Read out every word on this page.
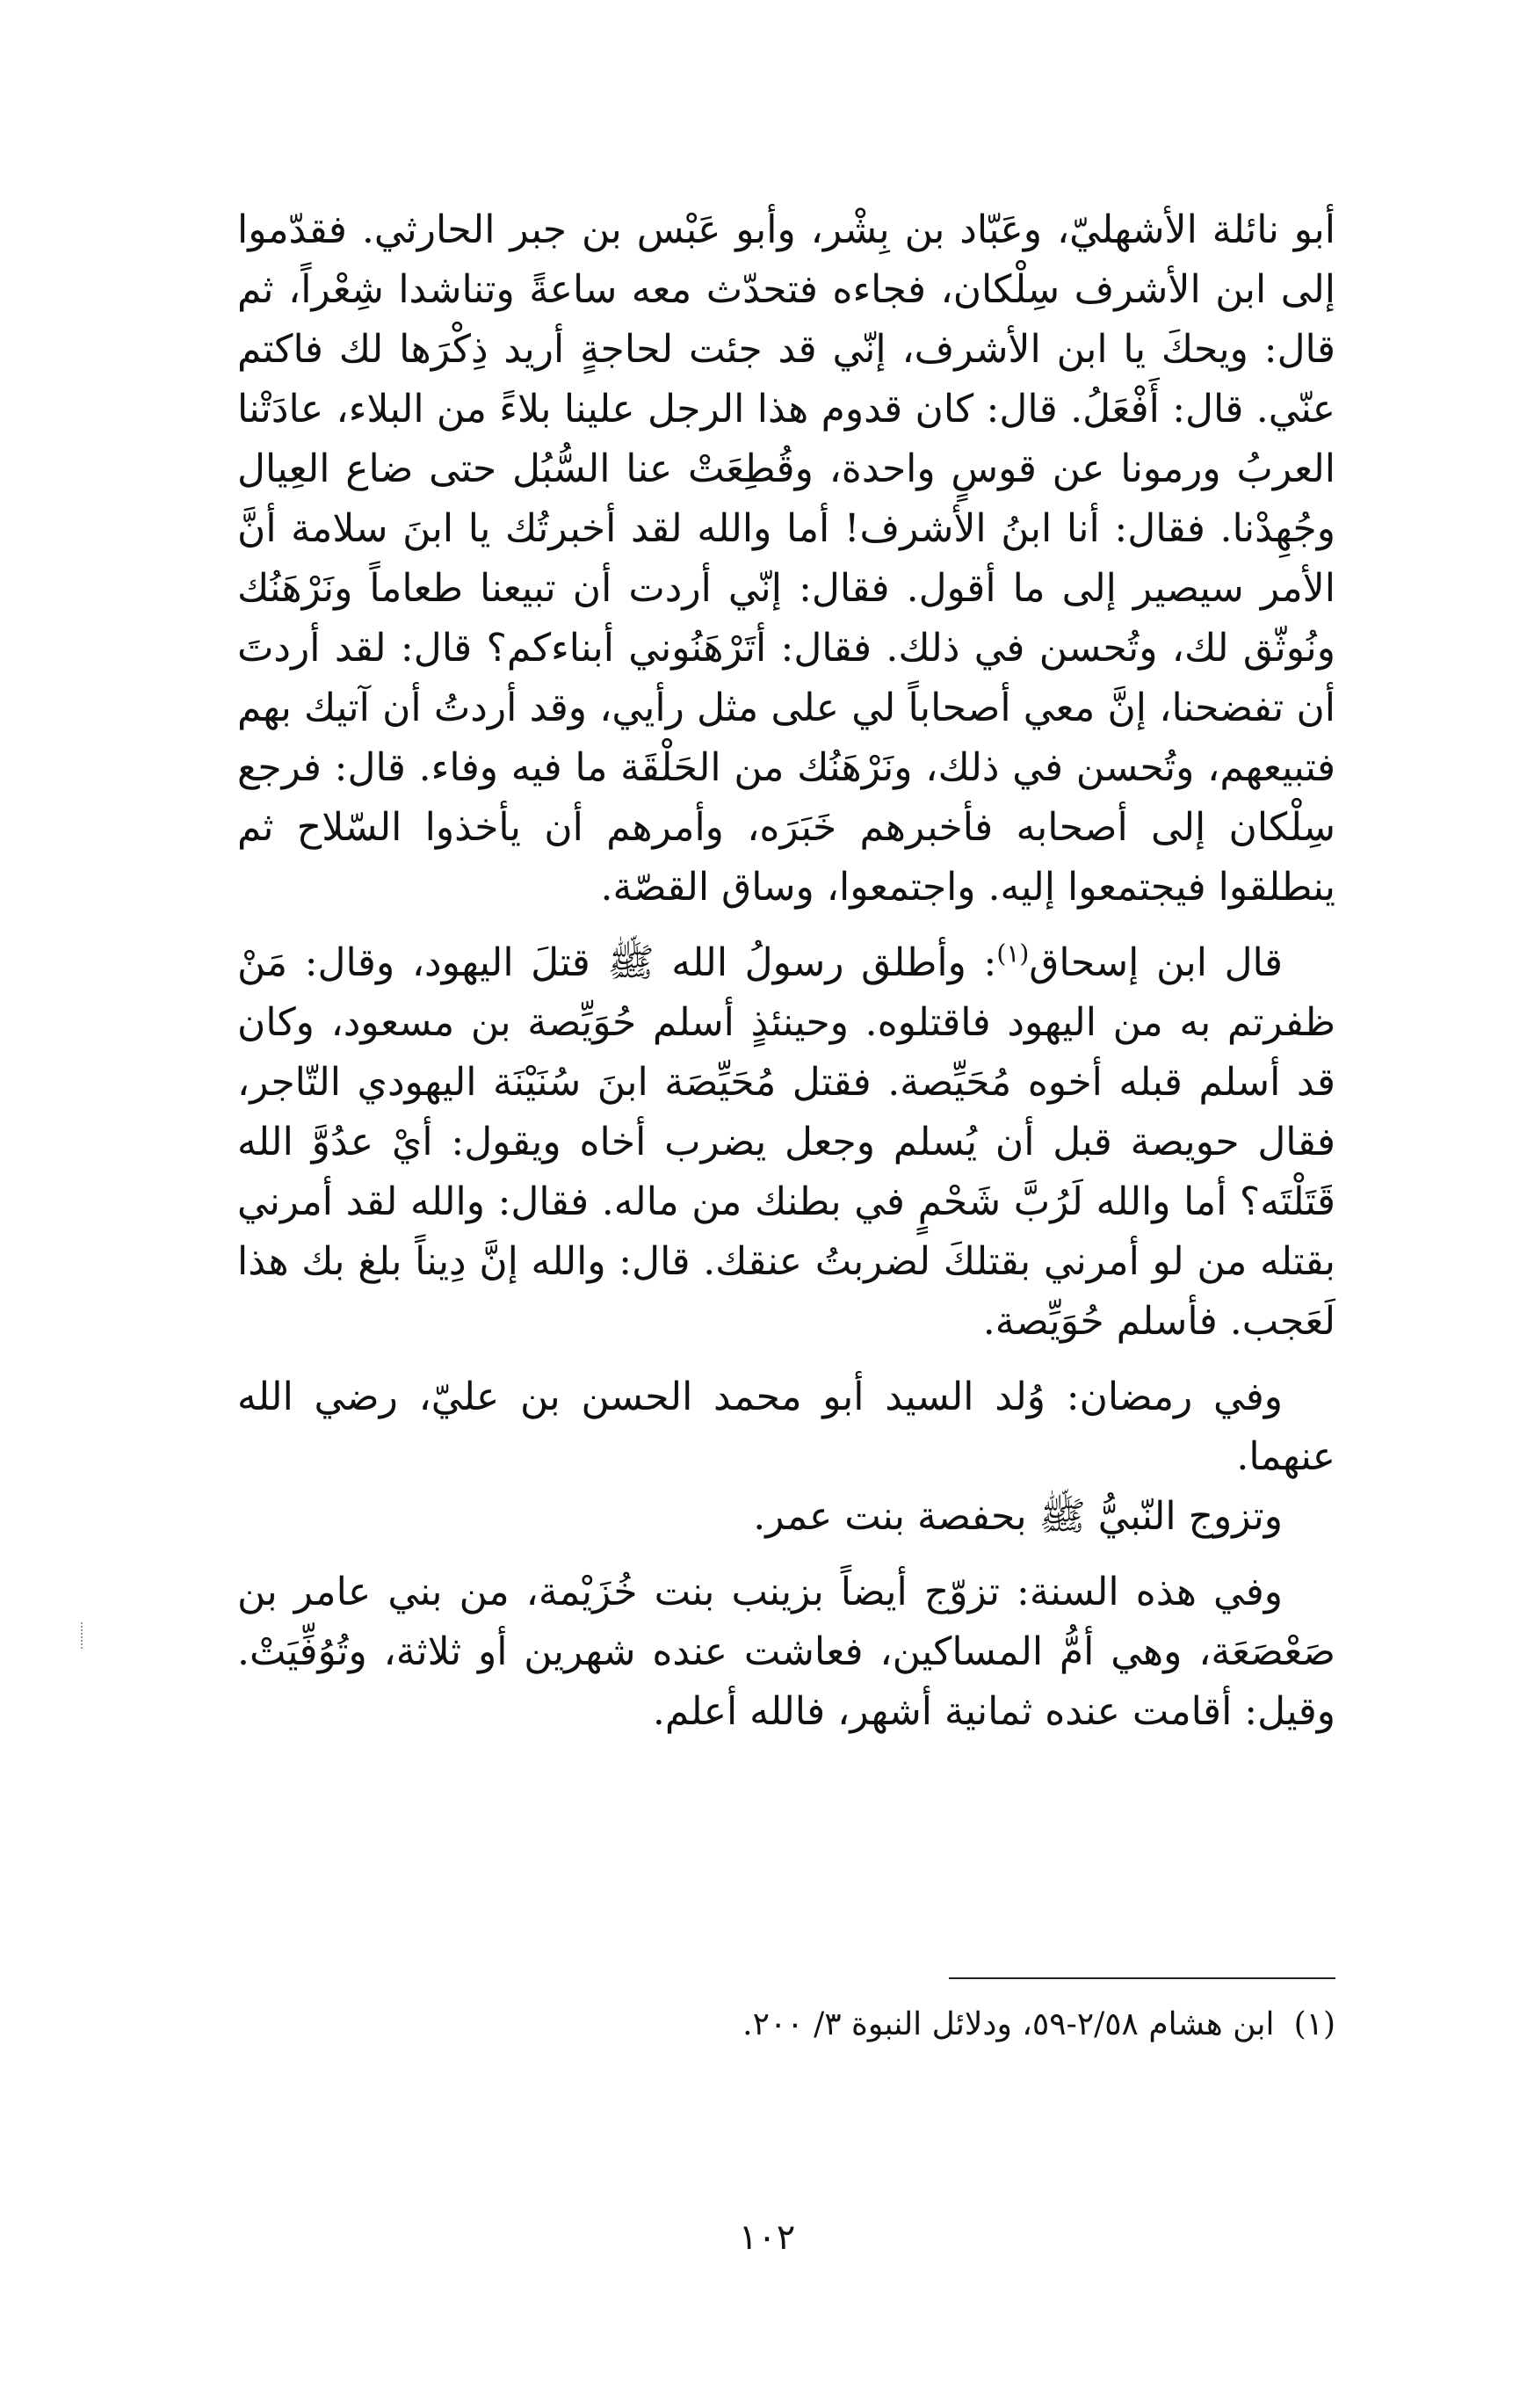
أبو نائلة الأشهليّ، وعَبّاد بن بِشْر، وأبو عَبْس بن جبر الحارثي. فقدّموا إلى ابن الأشرف سِلْكان، فجاءه فتحدّث معه ساعةً وتناشدا شِعْراً، ثم قال: ويحكَ يا ابن الأشرف، إنّي قد جئت لحاجةٍ أريد ذِكْرَها لك فاكتم عنّي. قال: أَفْعَلُ. قال: كان قدوم هذا الرجل علينا بلاءً من البلاء، عادَتْنا العربُ ورمونا عن قوسٍ واحدة، وقُطِعَتْ عنا السُّبُل حتى ضاع العِيال وجُهِدْنا. فقال: أنا ابنُ الأشرف! أما والله لقد أخبرتُك يا ابنَ سلامة أنَّ الأمر سيصير إلى ما أقول. فقال: إنّي أردت أن تبيعنا طعاماً ونَرْهَنُك ونُوثّق لك، وتُحسن في ذلك. فقال: أتَرْهَنُوني أبناءكم؟ قال: لقد أردتَ أن تفضحنا، إنَّ معي أصحاباً لي على مثل رأيي، وقد أردتُ أن آتيك بهم فتبيعهم، وتُحسن في ذلك، ونَرْهَنُك من الحَلْقَة ما فيه وفاء. قال: فرجع سِلْكان إلى أصحابه فأخبرهم خَبَرَه، وأمرهم أن يأخذوا السّلاح ثم ينطلقوا فيجتمعوا إليه. واجتمعوا، وساق القصّة.

قال ابن إسحاق$^{(١)}$: وأطلق رسولُ الله ﷺ قتلَ اليهود، وقال: مَنْ ظفرتم به من اليهود فاقتلوه. وحينئذٍ أسلم حُوَيِّصة بن مسعود، وكان قد أسلم قبله أخوه مُحَيِّصة. فقتل مُحَيِّصَة ابنَ سُنَيْنَة اليهودي التّاجر، فقال حويصة قبل أن يُسلم وجعل يضرب أخاه ويقول: أيْ عدُوَّ الله قَتَلْتَه؟ أما والله لَرُبَّ شَحْمٍ في بطنك من ماله. فقال: والله لقد أمرني بقتله من لو أمرني بقتلكَ لضربتُ عنقك. قال: والله إنَّ دِيناً بلغ بك هذا لَعَجب. فأسلم حُوَيِّصة.

وفي رمضان: وُلد السيد أبو محمد الحسن بن عليّ، رضي الله عنهما.

وتزوج النّبيُّ ﷺ بحفصة بنت عمر.

وفي هذه السنة: تزوّج أيضاً بزينب بنت خُزَيْمة، من بني عامر بن صَعْصَعَة، وهي أمُّ المساكين، فعاشت عنده شهرين أو ثلاثة، وتُوُفِّيَتْ. وقيل: أقامت عنده ثمانية أشهر، فالله أعلم.

(١)ابن هشام ٢/٥٨-٥٩، ودلائل النبوة ٣/ ٢٠٠.
١٠٢
